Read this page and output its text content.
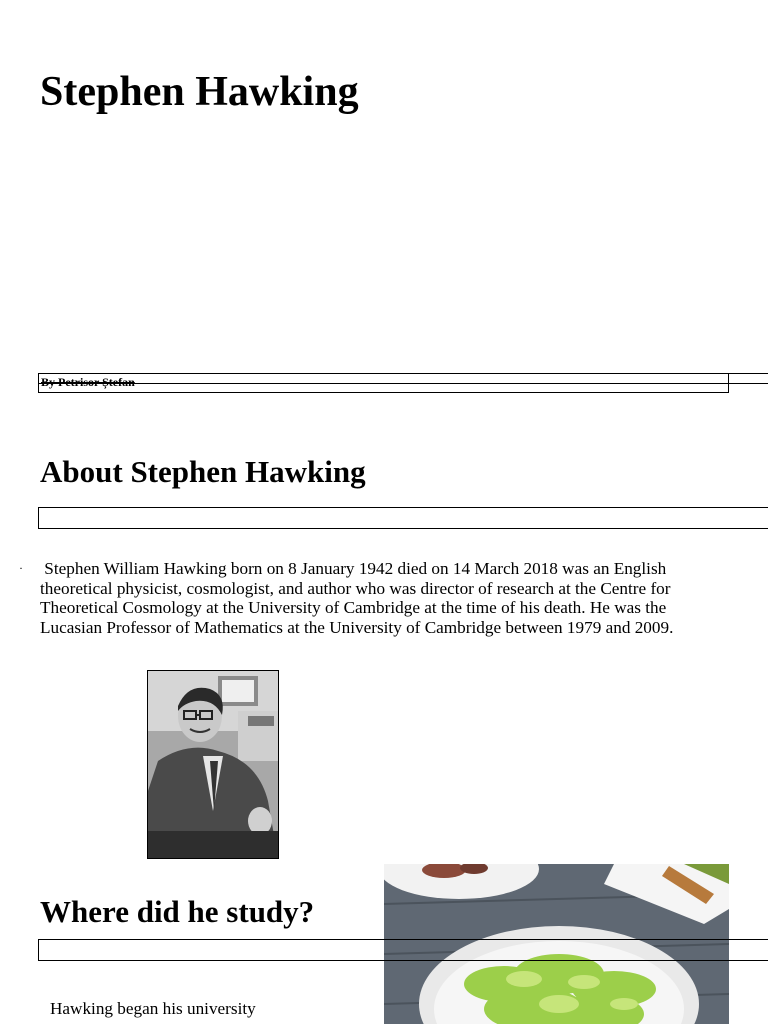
Stephen Hawking
By Petrisor Ștefan
About Stephen Hawking
· Stephen William Hawking born on 8 January 1942 died on 14 March 2018 was an English theoretical physicist, cosmologist, and author who was director of research at the Centre for Theoretical Cosmology at the University of Cambridge at the time of his death. He was the Lucasian Professor of Mathematics at the University of Cambridge between 1979 and 2009.

Where did he study?

Hawking began his university
